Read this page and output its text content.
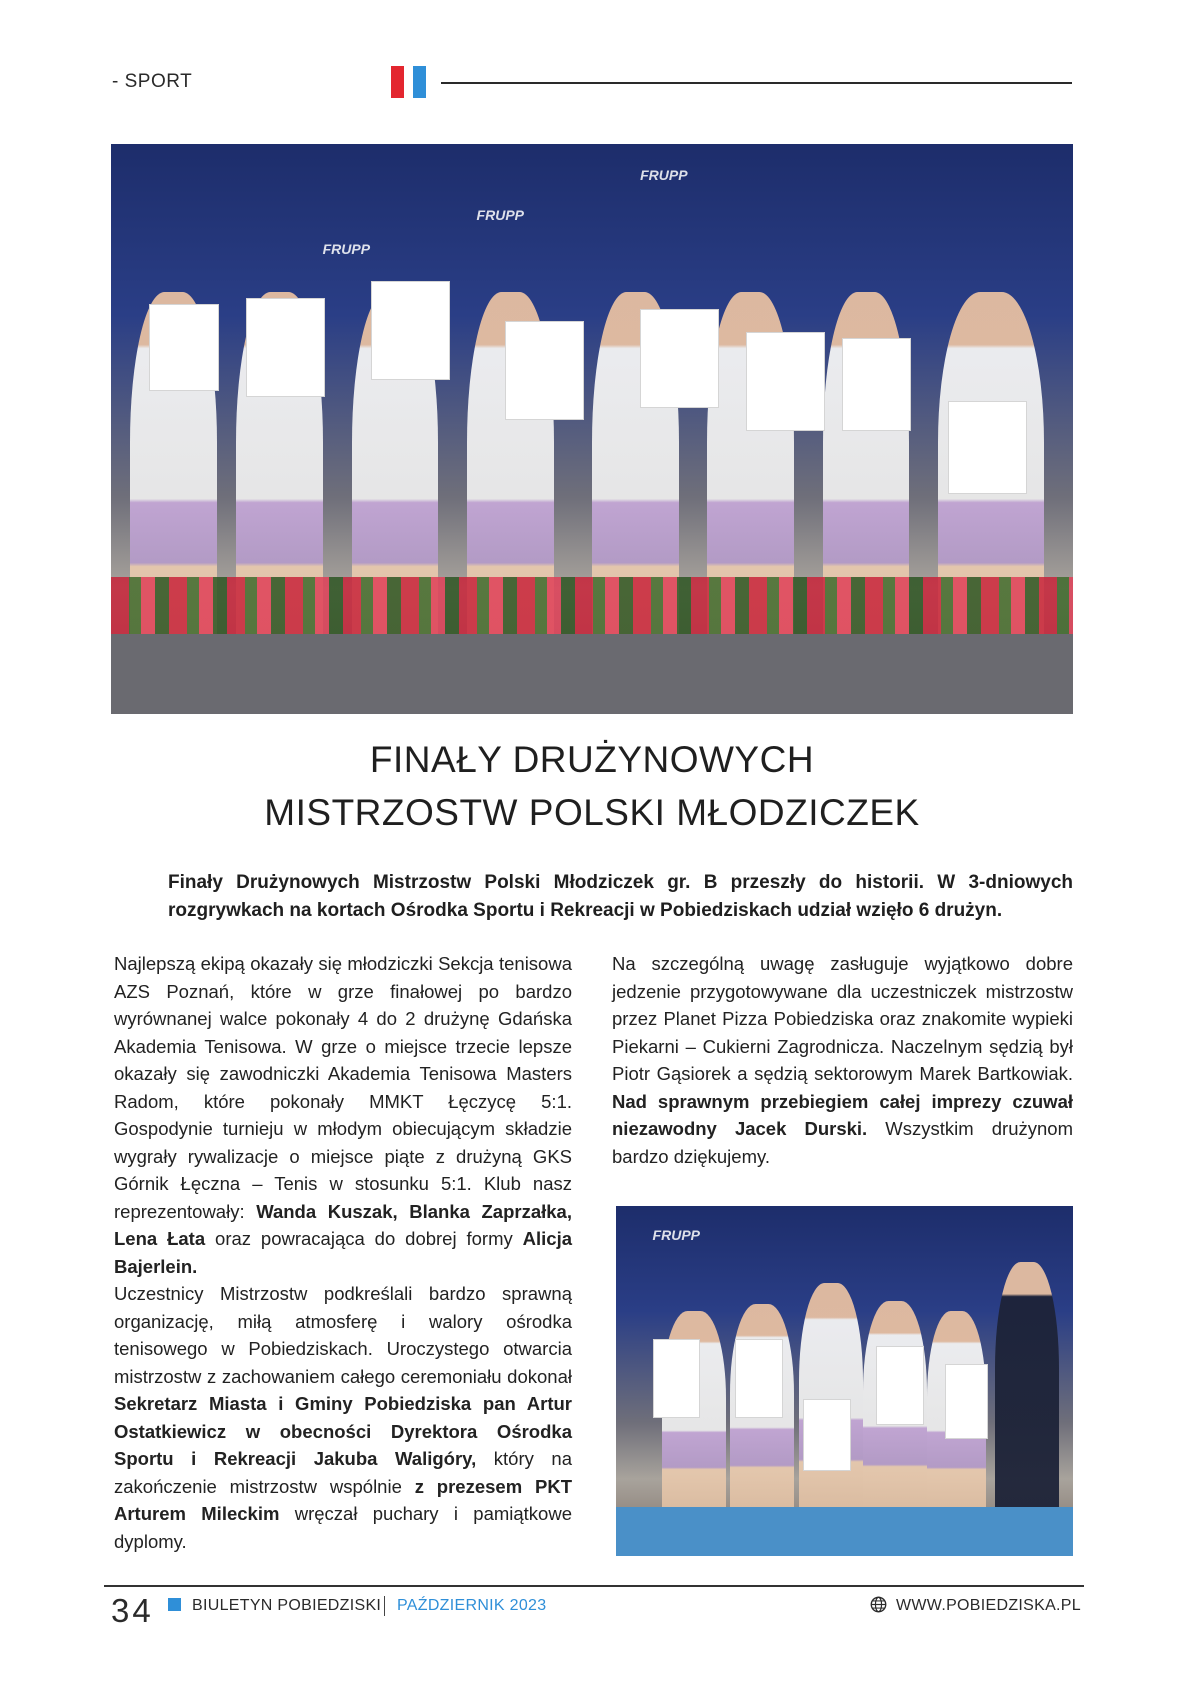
- SPORT
FRUPP
FRUPP
FRUPP
FINAŁY DRUŻYNOWYCH
MISTRZOSTW POLSKI MŁODZICZEK
Finały Drużynowych Mistrzostw Polski Młodziczek gr. B przeszły do historii. W 3-dniowych rozgrywkach na kortach Ośrodka Sportu i Rekreacji w Pobiedziskach udział wzięło 6 drużyn.

Najlepszą ekipą okazały się młodziczki Sekcja tenisowa AZS Poznań, które w grze finałowej po bardzo wyrównanej walce pokonały 4 do 2 drużynę Gdańska Akademia Tenisowa. W grze o miejsce trzecie lepsze okazały się zawodniczki Akademia Tenisowa Masters Radom, które pokonały MMKT Łęczycę 5:1. Gospodynie turnieju w młodym obiecującym składzie wygrały rywalizacje o miejsce piąte z drużyną GKS Górnik Łęczna – Tenis w stosunku 5:1. Klub nasz reprezentowały: Wanda Kuszak, Blanka Zaprzałka, Lena Łata oraz powracająca do dobrej formy Alicja Bajerlein.

Uczestnicy Mistrzostw podkreślali bardzo sprawną organizację, miłą atmosferę i walory ośrodka tenisowego w Pobiedziskach. Uroczystego otwarcia mistrzostw z zachowaniem całego ceremoniału dokonał Sekretarz Miasta i Gminy Pobiedziska pan Artur Ostatkiewicz w obecności Dyrektora Ośrodka Sportu i Rekreacji Jakuba Waligóry, który na zakończenie mistrzostw wspólnie z prezesem PKT Arturem Mileckim wręczał puchary i pamiątkowe dyplomy.

Na szczególną uwagę zasługuje wyjątkowo dobre jedzenie przygotowywane dla uczestniczek mistrzostw przez Planet Pizza Pobiedziska oraz znakomite wypieki Piekarni – Cukierni Zagrodnicza. Naczelnym sędzią był Piotr Gąsiorek a sędzią sektorowym Marek Bartkowiak. Nad sprawnym przebiegiem całej imprezy czuwał niezawodny Jacek Durski. Wszystkim drużynom bardzo dziękujemy.

FRUPP
34 BIULETYN POBIEDZISKI PAŹDZIERNIK 2023	WWW.POBIEDZISKA.PL
